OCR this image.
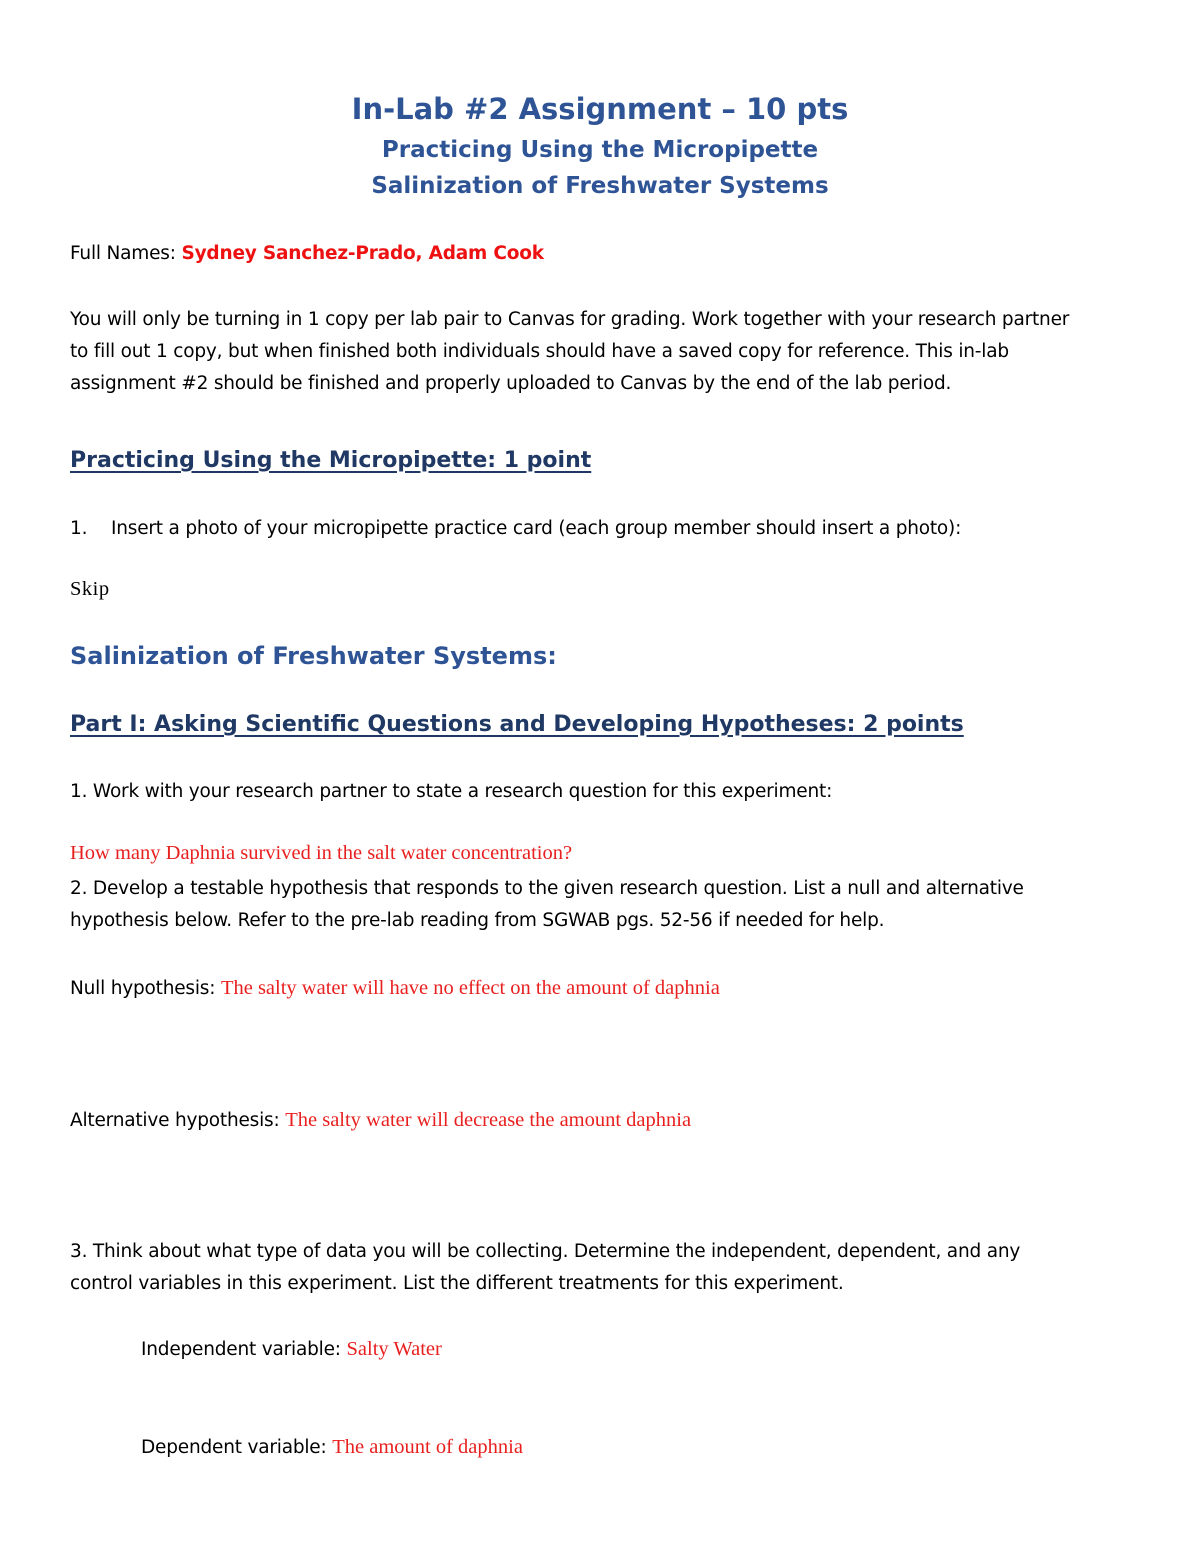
In-Lab #2 Assignment – 10 pts
Practicing Using the Micropipette
Salinization of Freshwater Systems
Full Names: Sydney Sanchez-Prado, Adam Cook
You will only be turning in 1 copy per lab pair to Canvas for grading. Work together with your research partner
to fill out 1 copy, but when finished both individuals should have a saved copy for reference. This in-lab
assignment #2 should be finished and properly uploaded to Canvas by the end of the lab period.
Practicing Using the Micropipette: 1 point
1. Insert a photo of your micropipette practice card (each group member should insert a photo):
Skip
Salinization of Freshwater Systems:
Part I: Asking Scientific Questions and Developing Hypotheses: 2 points
1. Work with your research partner to state a research question for this experiment:
How many Daphnia survived in the salt water concentration?
2. Develop a testable hypothesis that responds to the given research question. List a null and alternative
hypothesis below. Refer to the pre-lab reading from SGWAB pgs. 52-56 if needed for help.
Null hypothesis: The salty water will have no effect on the amount of daphnia
Alternative hypothesis: The salty water will decrease the amount daphnia
3. Think about what type of data you will be collecting. Determine the independent, dependent, and any
control variables in this experiment. List the different treatments for this experiment.
Independent variable: Salty Water
Dependent variable: The amount of daphnia
